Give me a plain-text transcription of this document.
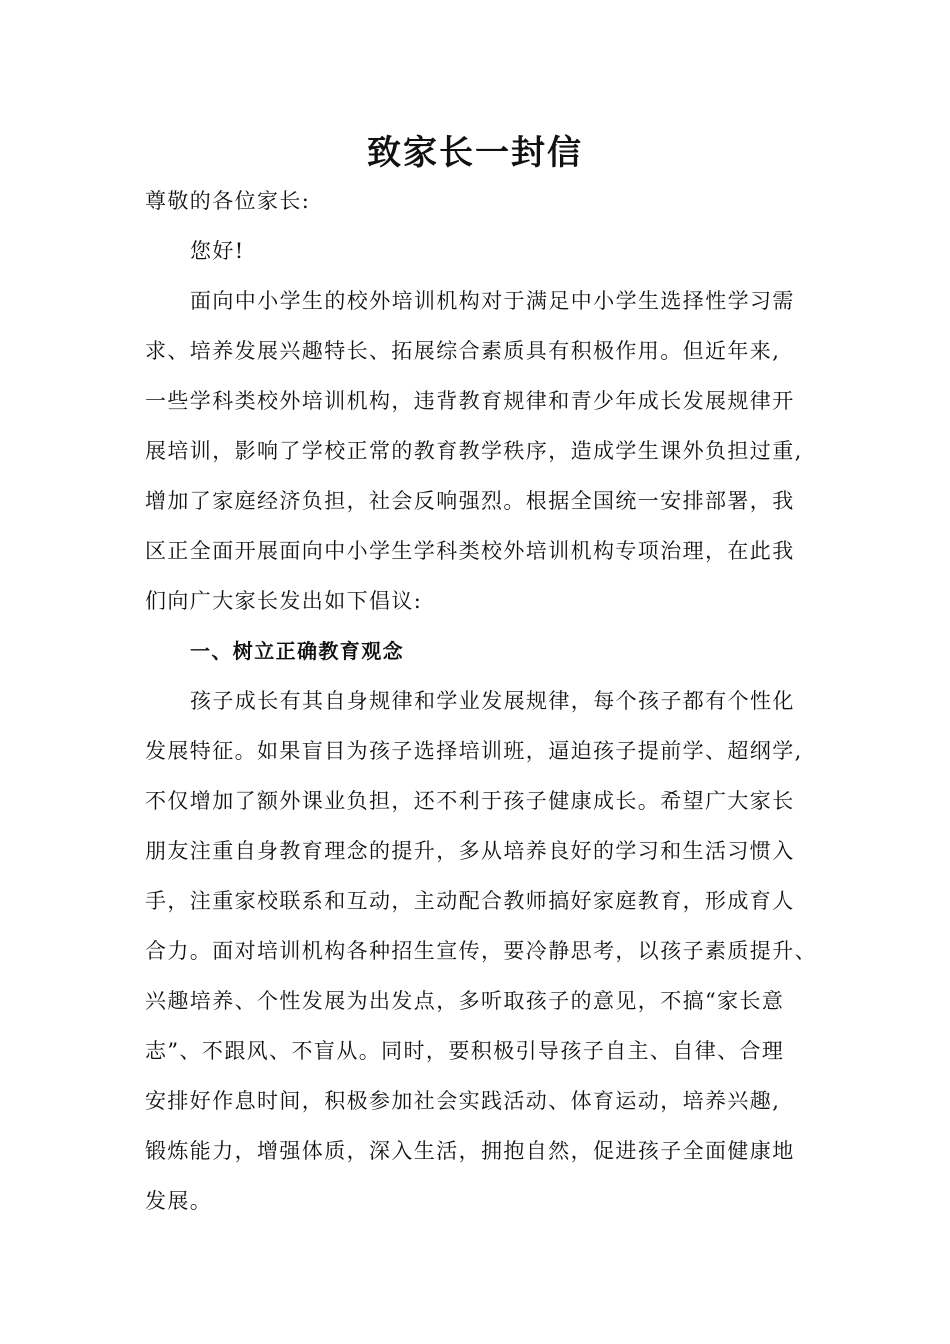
致家长一封信
尊敬的各位家长:
您好!
面向中小学生的校外培训机构对于满足中小学生选择性学习需
求、培养发展兴趣特长、拓展综合素质具有积极作用。但近年来,
一些学科类校外培训机构，违背教育规律和青少年成长发展规律开
展培训，影响了学校正常的教育教学秩序，造成学生课外负担过重,
增加了家庭经济负担，社会反响强烈。根据全国统一安排部署，我
区正全面开展面向中小学生学科类校外培训机构专项治理，在此我
们向广大家长发出如下倡议:
一、树立正确教育观念
孩子成长有其自身规律和学业发展规律，每个孩子都有个性化
发展特征。如果盲目为孩子选择培训班，逼迫孩子提前学、超纲学,
不仅增加了额外课业负担，还不利于孩子健康成长。希望广大家长
朋友注重自身教育理念的提升，多从培养良好的学习和生活习惯入
手，注重家校联系和互动，主动配合教师搞好家庭教育，形成育人
合力。面对培训机构各种招生宣传，要冷静思考，以孩子素质提升、
兴趣培养、个性发展为出发点，多听取孩子的意见，不搞“家长意
志”、不跟风、不盲从。同时，要积极引导孩子自主、自律、合理
安排好作息时间，积极参加社会实践活动、体育运动，培养兴趣,
锻炼能力，增强体质，深入生活，拥抱自然，促进孩子全面健康地
发展。
